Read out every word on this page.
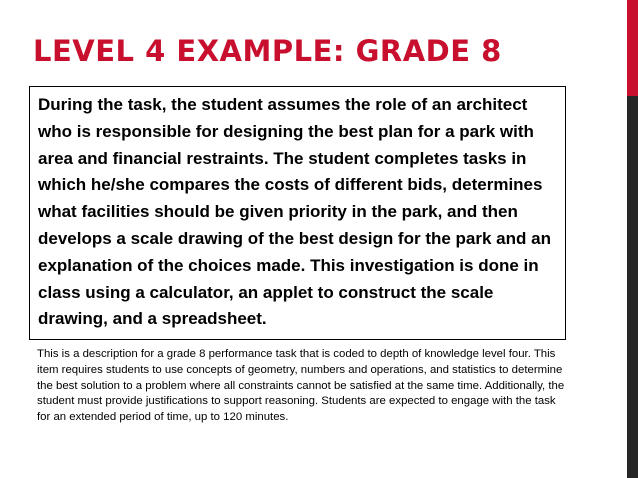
LEVEL 4 EXAMPLE: GRADE 8

During the task, the student assumes the role of an architect who is responsible for designing the best plan for a park with area and financial restraints. The student completes tasks in which he/she compares the costs of different bids, determines what facilities should be given priority in the park, and then develops a scale drawing of the best design for the park and an explanation of the choices made. This investigation is done in class using a calculator, an applet to construct the scale drawing, and a spreadsheet.

This is a description for a grade 8 performance task that is coded to depth of knowledge level four. This item requires students to use concepts of geometry, numbers and operations, and statistics to determine the best solution to a problem where all constraints cannot be satisfied at the same time. Additionally, the student must provide justifications to support reasoning. Students are expected to engage with the task for an extended period of time, up to 120 minutes.
